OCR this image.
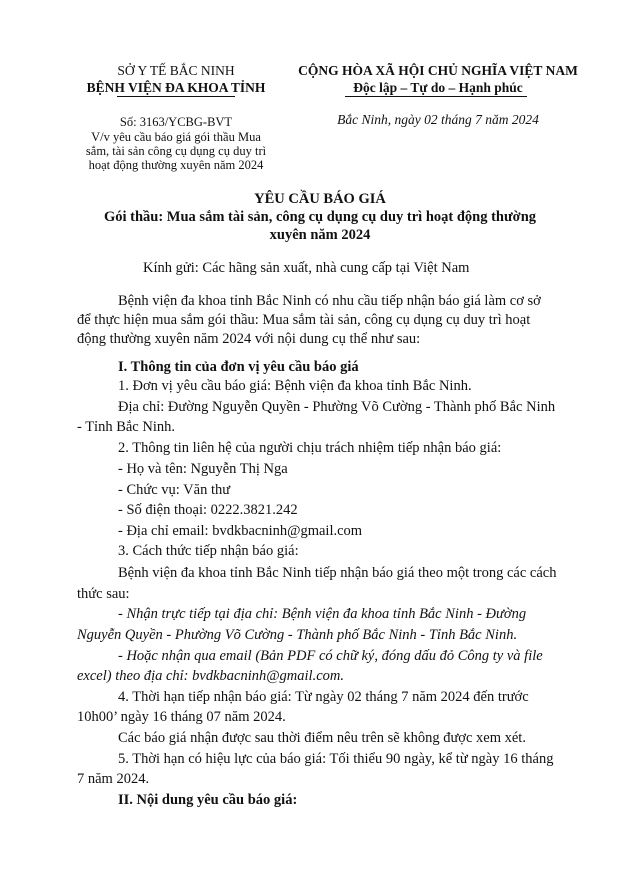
SỞ Y TẾ BẮC NINH
BỆNH VIỆN ĐA KHOA TỈNH
Số: 3163/YCBG-BVT
V/v yêu cầu báo giá gói thầu Mua
sắm, tài sản công cụ dụng cụ duy trì
hoạt động thường xuyên năm 2024
CỘNG HÒA XÃ HỘI CHỦ NGHĨA VIỆT NAM
Độc lập – Tự do – Hạnh phúc
Bắc Ninh, ngày 02 tháng 7 năm 2024
YÊU CẦU BÁO GIÁ
Gói thầu: Mua sắm tài sản, công cụ dụng cụ duy trì hoạt động thường
xuyên năm 2024
Kính gửi: Các hãng sản xuất, nhà cung cấp tại Việt Nam
Bệnh viện đa khoa tỉnh Bắc Ninh có nhu cầu tiếp nhận báo giá làm cơ sở
để thực hiện mua sắm gói thầu: Mua sắm tài sản, công cụ dụng cụ duy trì hoạt
động thường xuyên năm 2024 với nội dung cụ thể như sau:
I. Thông tin của đơn vị yêu cầu báo giá
1. Đơn vị yêu cầu báo giá: Bệnh viện đa khoa tỉnh Bắc Ninh.
Địa chỉ: Đường Nguyễn Quyền - Phường Võ Cường - Thành phố Bắc Ninh
- Tỉnh Bắc Ninh.
2. Thông tin liên hệ của người chịu trách nhiệm tiếp nhận báo giá:
- Họ và tên: Nguyễn Thị Nga
- Chức vụ: Văn thư
- Số điện thoại: 0222.3821.242
- Địa chỉ email: bvdkbacninh@gmail.com
3. Cách thức tiếp nhận báo giá:
Bệnh viện đa khoa tỉnh Bắc Ninh tiếp nhận báo giá theo một trong các cách
thức sau:
- Nhận trực tiếp tại địa chỉ: Bệnh viện đa khoa tỉnh Bắc Ninh - Đường
Nguyễn Quyền - Phường Võ Cường - Thành phố Bắc Ninh - Tỉnh Bắc Ninh.
- Hoặc nhận qua email (Bản PDF có chữ ký, đóng dấu đỏ Công ty và file
excel) theo địa chỉ: bvdkbacninh@gmail.com.
4. Thời hạn tiếp nhận báo giá: Từ ngày 02 tháng 7 năm 2024 đến trước
10h00’ ngày 16 tháng 07 năm 2024.
Các báo giá nhận được sau thời điểm nêu trên sẽ không được xem xét.
5. Thời hạn có hiệu lực của báo giá: Tối thiểu 90 ngày, kể từ ngày 16 tháng
7 năm 2024.
II. Nội dung yêu cầu báo giá:
